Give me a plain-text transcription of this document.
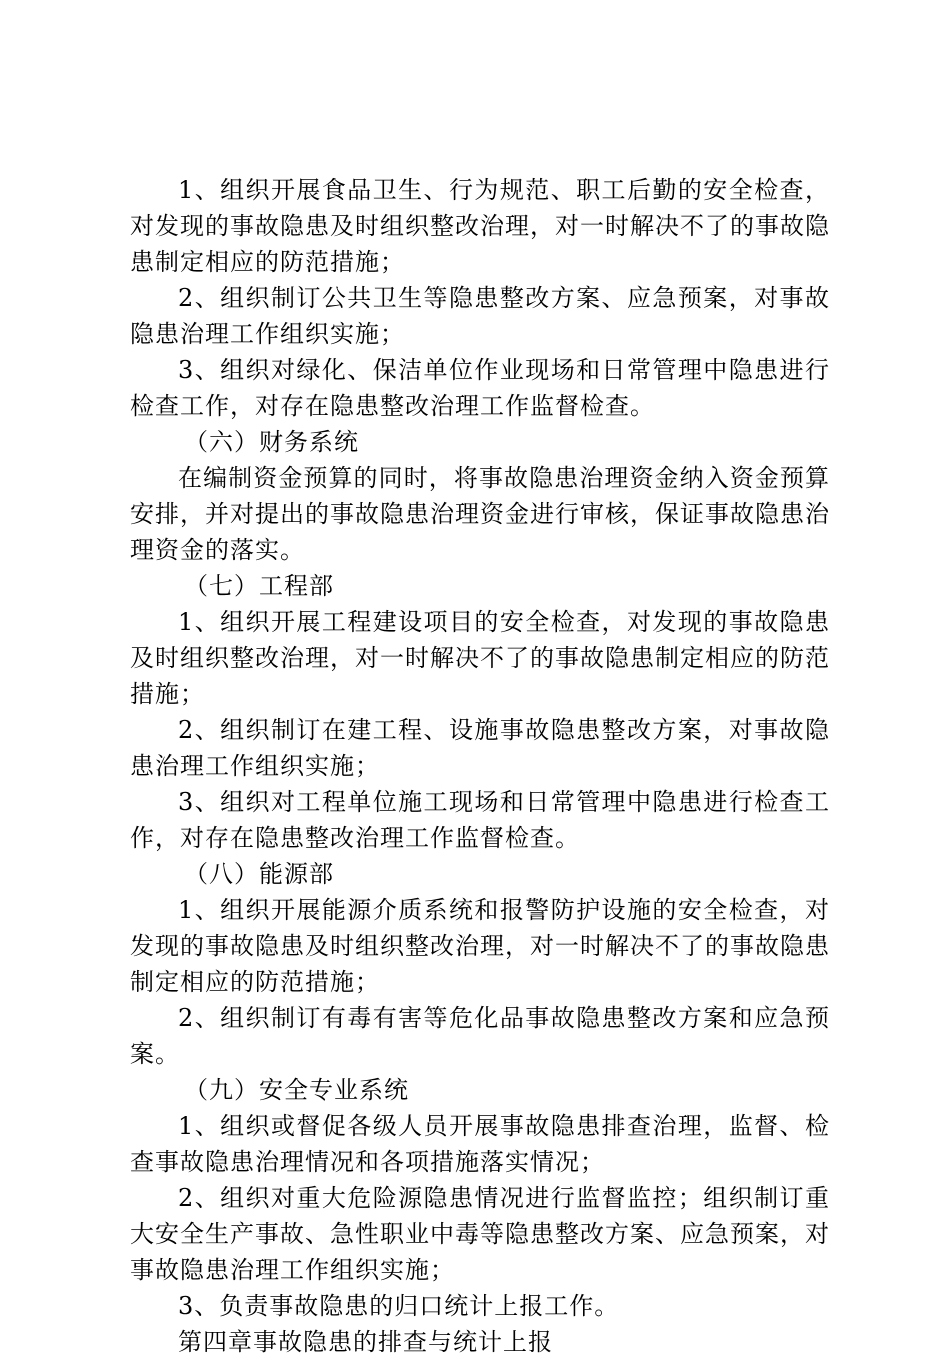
1、组织开展食品卫生、行为规范、职工后勤的安全检查，对发现的事故隐患及时组织整改治理，对一时解决不了的事故隐患制定相应的防范措施；

2、组织制订公共卫生等隐患整改方案、应急预案，对事故隐患治理工作组织实施；

3、组织对绿化、保洁单位作业现场和日常管理中隐患进行检查工作，对存在隐患整改治理工作监督检查。

（六）财务系统

在编制资金预算的同时，将事故隐患治理资金纳入资金预算安排，并对提出的事故隐患治理资金进行审核，保证事故隐患治理资金的落实。

（七）工程部

1、组织开展工程建设项目的安全检查，对发现的事故隐患及时组织整改治理，对一时解决不了的事故隐患制定相应的防范措施；

2、组织制订在建工程、设施事故隐患整改方案，对事故隐患治理工作组织实施；

3、组织对工程单位施工现场和日常管理中隐患进行检查工作，对存在隐患整改治理工作监督检查。

（八）能源部

1、组织开展能源介质系统和报警防护设施的安全检查，对发现的事故隐患及时组织整改治理，对一时解决不了的事故隐患制定相应的防范措施；

2、组织制订有毒有害等危化品事故隐患整改方案和应急预案。

（九）安全专业系统

1、组织或督促各级人员开展事故隐患排查治理，监督、检查事故隐患治理情况和各项措施落实情况；

2、组织对重大危险源隐患情况进行监督监控；组织制订重大安全生产事故、急性职业中毒等隐患整改方案、应急预案，对事故隐患治理工作组织实施；

3、负责事故隐患的归口统计上报工作。

第四章事故隐患的排查与统计上报
